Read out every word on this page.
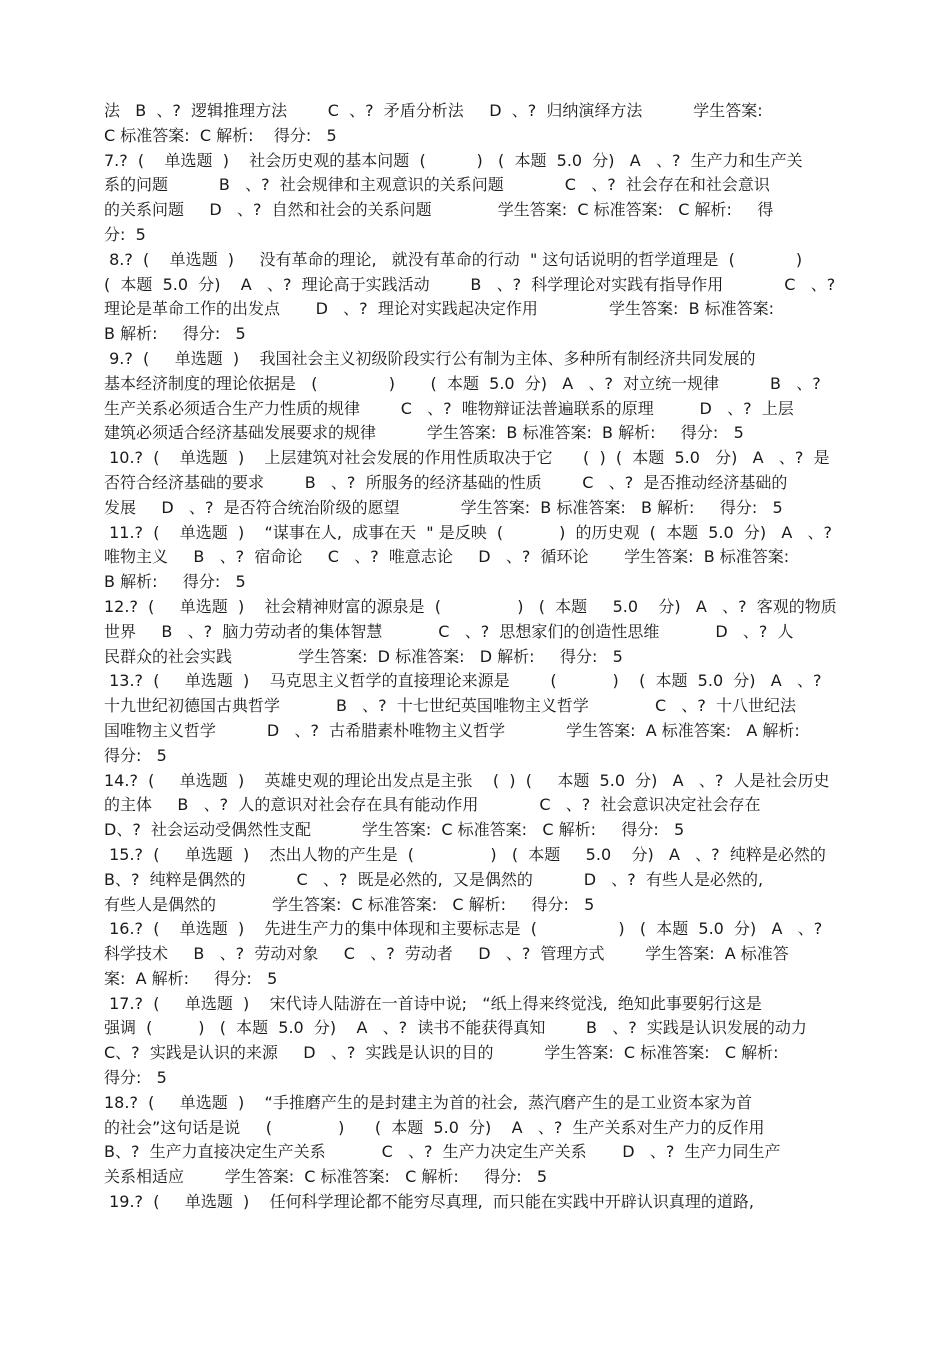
法   B  、?  逻辑推理方法        C  、?  矛盾分析法     D  、?  归纳演绎方法          学生答案:
C 标准答案:  C 解析:    得分:   5
7.?  (    单选题  )    社会历史观的基本问题  (          )   (  本题  5.0  分)   A   、?  生产力和生产关
系的问题          B   、?  社会规律和主观意识的关系问题            C   、?  社会存在和社会意识
的关系问题     D   、?  自然和社会的关系问题             学生答案:  C 标准答案:   C 解析:     得
分:  5
8.?  (    单选题  )     没有革命的理论,   就没有革命的行动  " 这句话说明的哲学道理是  (            )
(  本题  5.0  分)    A   、?  理论高于实践活动        B   、?  科学理论对实践有指导作用            C   、?
理论是革命工作的出发点       D   、?  理论对实践起决定作用              学生答案:  B 标准答案:
B 解析:     得分:   5
9.?  (     单选题  )    我国社会主义初级阶段实行公有制为主体、多种所有制经济共同发展的
基本经济制度的理论依据是   (              )       (  本题  5.0  分)   A   、?  对立统一规律          B   、?
生产关系必须适合生产力性质的规律        C   、?  唯物辩证法普遍联系的原理         D   、?  上层
建筑必须适合经济基础发展要求的规律          学生答案:  B 标准答案:  B 解析:     得分:   5
10.?  (    单选题  )    上层建筑对社会发展的作用性质取决于它      (  )  (  本题  5.0   分)   A   、?  是
否符合经济基础的要求        B   、?  所服务的经济基础的性质        C   、?  是否推动经济基础的
发展     D   、?  是否符合统治阶级的愿望            学生答案:  B 标准答案:   B 解析:     得分:   5
11.?  (    单选题  )    “谋事在人,  成事在天  " 是反映  (           )  的历史观  (  本题  5.0  分)   A   、?
唯物主义     B   、?  宿命论     C   、?  唯意志论     D   、?  循环论       学生答案:  B 标准答案:
B 解析:     得分:   5
12.?  (     单选题  )    社会精神财富的源泉是  (               )   (  本题     5.0    分)   A   、?  客观的物质
世界     B   、?  脑力劳动者的集体智慧           C   、?  思想家们的创造性思维           D   、?  人
民群众的社会实践             学生答案:  D 标准答案:   D 解析:     得分:   5
13.?  (     单选题  )    马克思主义哲学的直接理论来源是        (           )    (  本题  5.0  分)   A   、?
十九世纪初德国古典哲学           B   、?  十七世纪英国唯物主义哲学             C   、?  十八世纪法
国唯物主义哲学          D   、?  古希腊素朴唯物主义哲学            学生答案:  A 标准答案:   A 解析:
得分:   5
14.?  (     单选题  )    英雄史观的理论出发点是主张    (  )  (     本题  5.0  分)   A   、?  人是社会历史
的主体     B   、?  人的意识对社会存在具有能动作用            C   、?  社会意识决定社会存在
D、?  社会运动受偶然性支配          学生答案:  C 标准答案:   C 解析:     得分:   5
15.?  (     单选题  )    杰出人物的产生是  (               )   (  本题     5.0    分)   A   、?  纯粹是必然的
B、?  纯粹是偶然的          C   、?  既是必然的,  又是偶然的          D   、?  有些人是必然的,
有些人是偶然的           学生答案:  C 标准答案:   C 解析:     得分:   5
16.?  (    单选题  )    先进生产力的集中体现和主要标志是  (                )   (  本题  5.0  分)   A   、?
科学技术     B   、?  劳动对象     C   、?  劳动者     D   、?  管理方式        学生答案:  A 标准答
案:  A 解析:     得分:   5
17.?  (     单选题  )    宋代诗人陆游在一首诗中说;   “纸上得来终觉浅,  绝知此事要躬行这是
强调  (         )   (  本题  5.0  分)    A   、?  读书不能获得真知        B   、?  实践是认识发展的动力
C、?  实践是认识的来源     D   、?  实践是认识的目的          学生答案:  C 标准答案:   C 解析:
得分:   5
18.?  (     单选题  )    “手推磨产生的是封建主为首的社会,  蒸汽磨产生的是工业资本家为首
的社会”这句话是说     (             )      (  本题  5.0  分)    A   、?  生产关系对生产力的反作用
B、?  生产力直接决定生产关系           C   、?  生产力决定生产关系       D   、?  生产力同生产
关系相适应        学生答案:  C 标准答案:   C 解析:     得分:   5
19.?  (     单选题  )    任何科学理论都不能穷尽真理,  而只能在实践中开辟认识真理的道路,
